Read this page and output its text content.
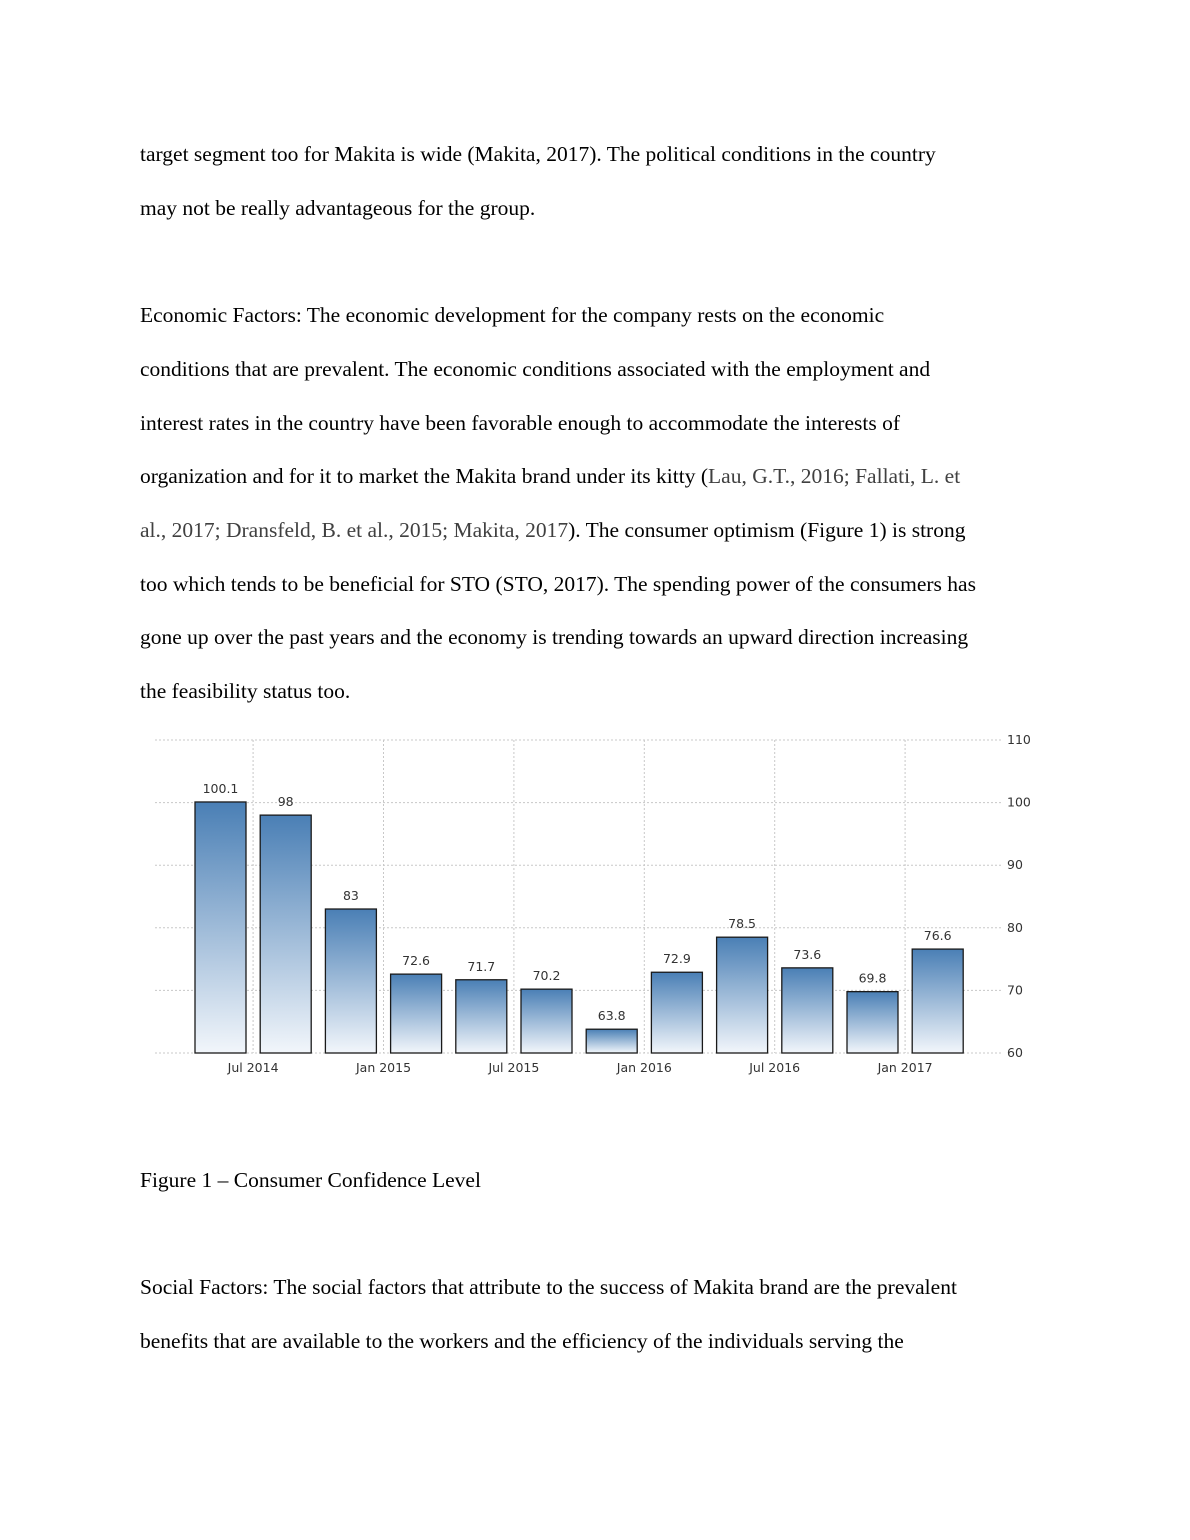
target segment too for Makita is wide (Makita, 2017). The political conditions in the country

may not be really advantageous for the group.

Economic Factors: The economic development for the company rests on the economic

conditions that are prevalent. The economic conditions associated with the employment and

interest rates in the country have been favorable enough to accommodate the interests of

organization and for it to market the Makita brand under its kitty (Lau, G.T., 2016; Fallati, L. et

al., 2017; Dransfeld, B. et al., 2015; Makita, 2017). The consumer optimism (Figure 1) is strong

too which tends to be beneficial for STO (STO, 2017). The spending power of the consumers has

gone up over the past years and the economy is trending towards an upward direction increasing

the feasibility status too.

60
70
80
90
100
110
Jul 2014	Jan 2015	Jul 2015	Jan 2016	Jul 2016	Jan 2017
100.1
98
83
72.6	71.7
70.2
63.8
72.9
78.5
73.6
69.8
76.6

Figure 1 – Consumer Confidence Level

Social Factors: The social factors that attribute to the success of Makita brand are the prevalent

benefits that are available to the workers and the efficiency of the individuals serving the
